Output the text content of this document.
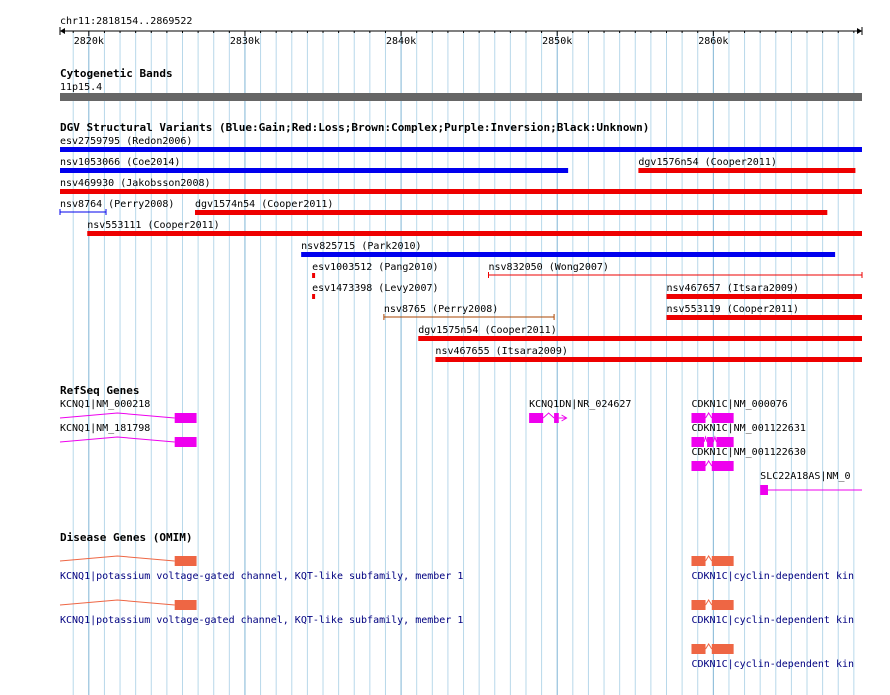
chr11:2818154..2869522
2820k	2830k	2840k	2850k	2860k
Cytogenetic Bands
11p15.4
DGV Structural Variants (Blue:Gain;Red:Loss;Brown:Complex;Purple:Inversion;Black:Unknown)
esv2759795 (Redon2006)
nsv1053066 (Coe2014)	dgv1576n54 (Cooper2011)
nsv469930 (Jakobsson2008)
nsv8764 (Perry2008) dgv1574n54 (Cooper2011)
nsv553111 (Cooper2011)
nsv825715 (Park2010)
esv1003512 (Pang2010)	nsv832050 (Wong2007)
esv1473398 (Levy2007)	nsv467657 (Itsara2009)
nsv8765 (Perry2008)	nsv553119 (Cooper2011)
dgv1575n54 (Cooper2011)
nsv467655 (Itsara2009)
RefSeq Genes
KCNQ1|NM_000218
KCNQ1|NM_181798
KCNQ1DN|NR_024627	CDKN1C|NM_000076
CDKN1C|NM_001122631
CDKN1C|NM_001122630
SLC22A18AS|NM_0
Disease Genes (OMIM)
KCNQ1|potassium voltage-gated channel, KQT-like subfamily, member 1
KCNQ1|potassium voltage-gated channel, KQT-like subfamily, member 1
CDKN1C|cyclin-dependent kin
CDKN1C|cyclin-dependent kin
CDKN1C|cyclin-dependent kin
